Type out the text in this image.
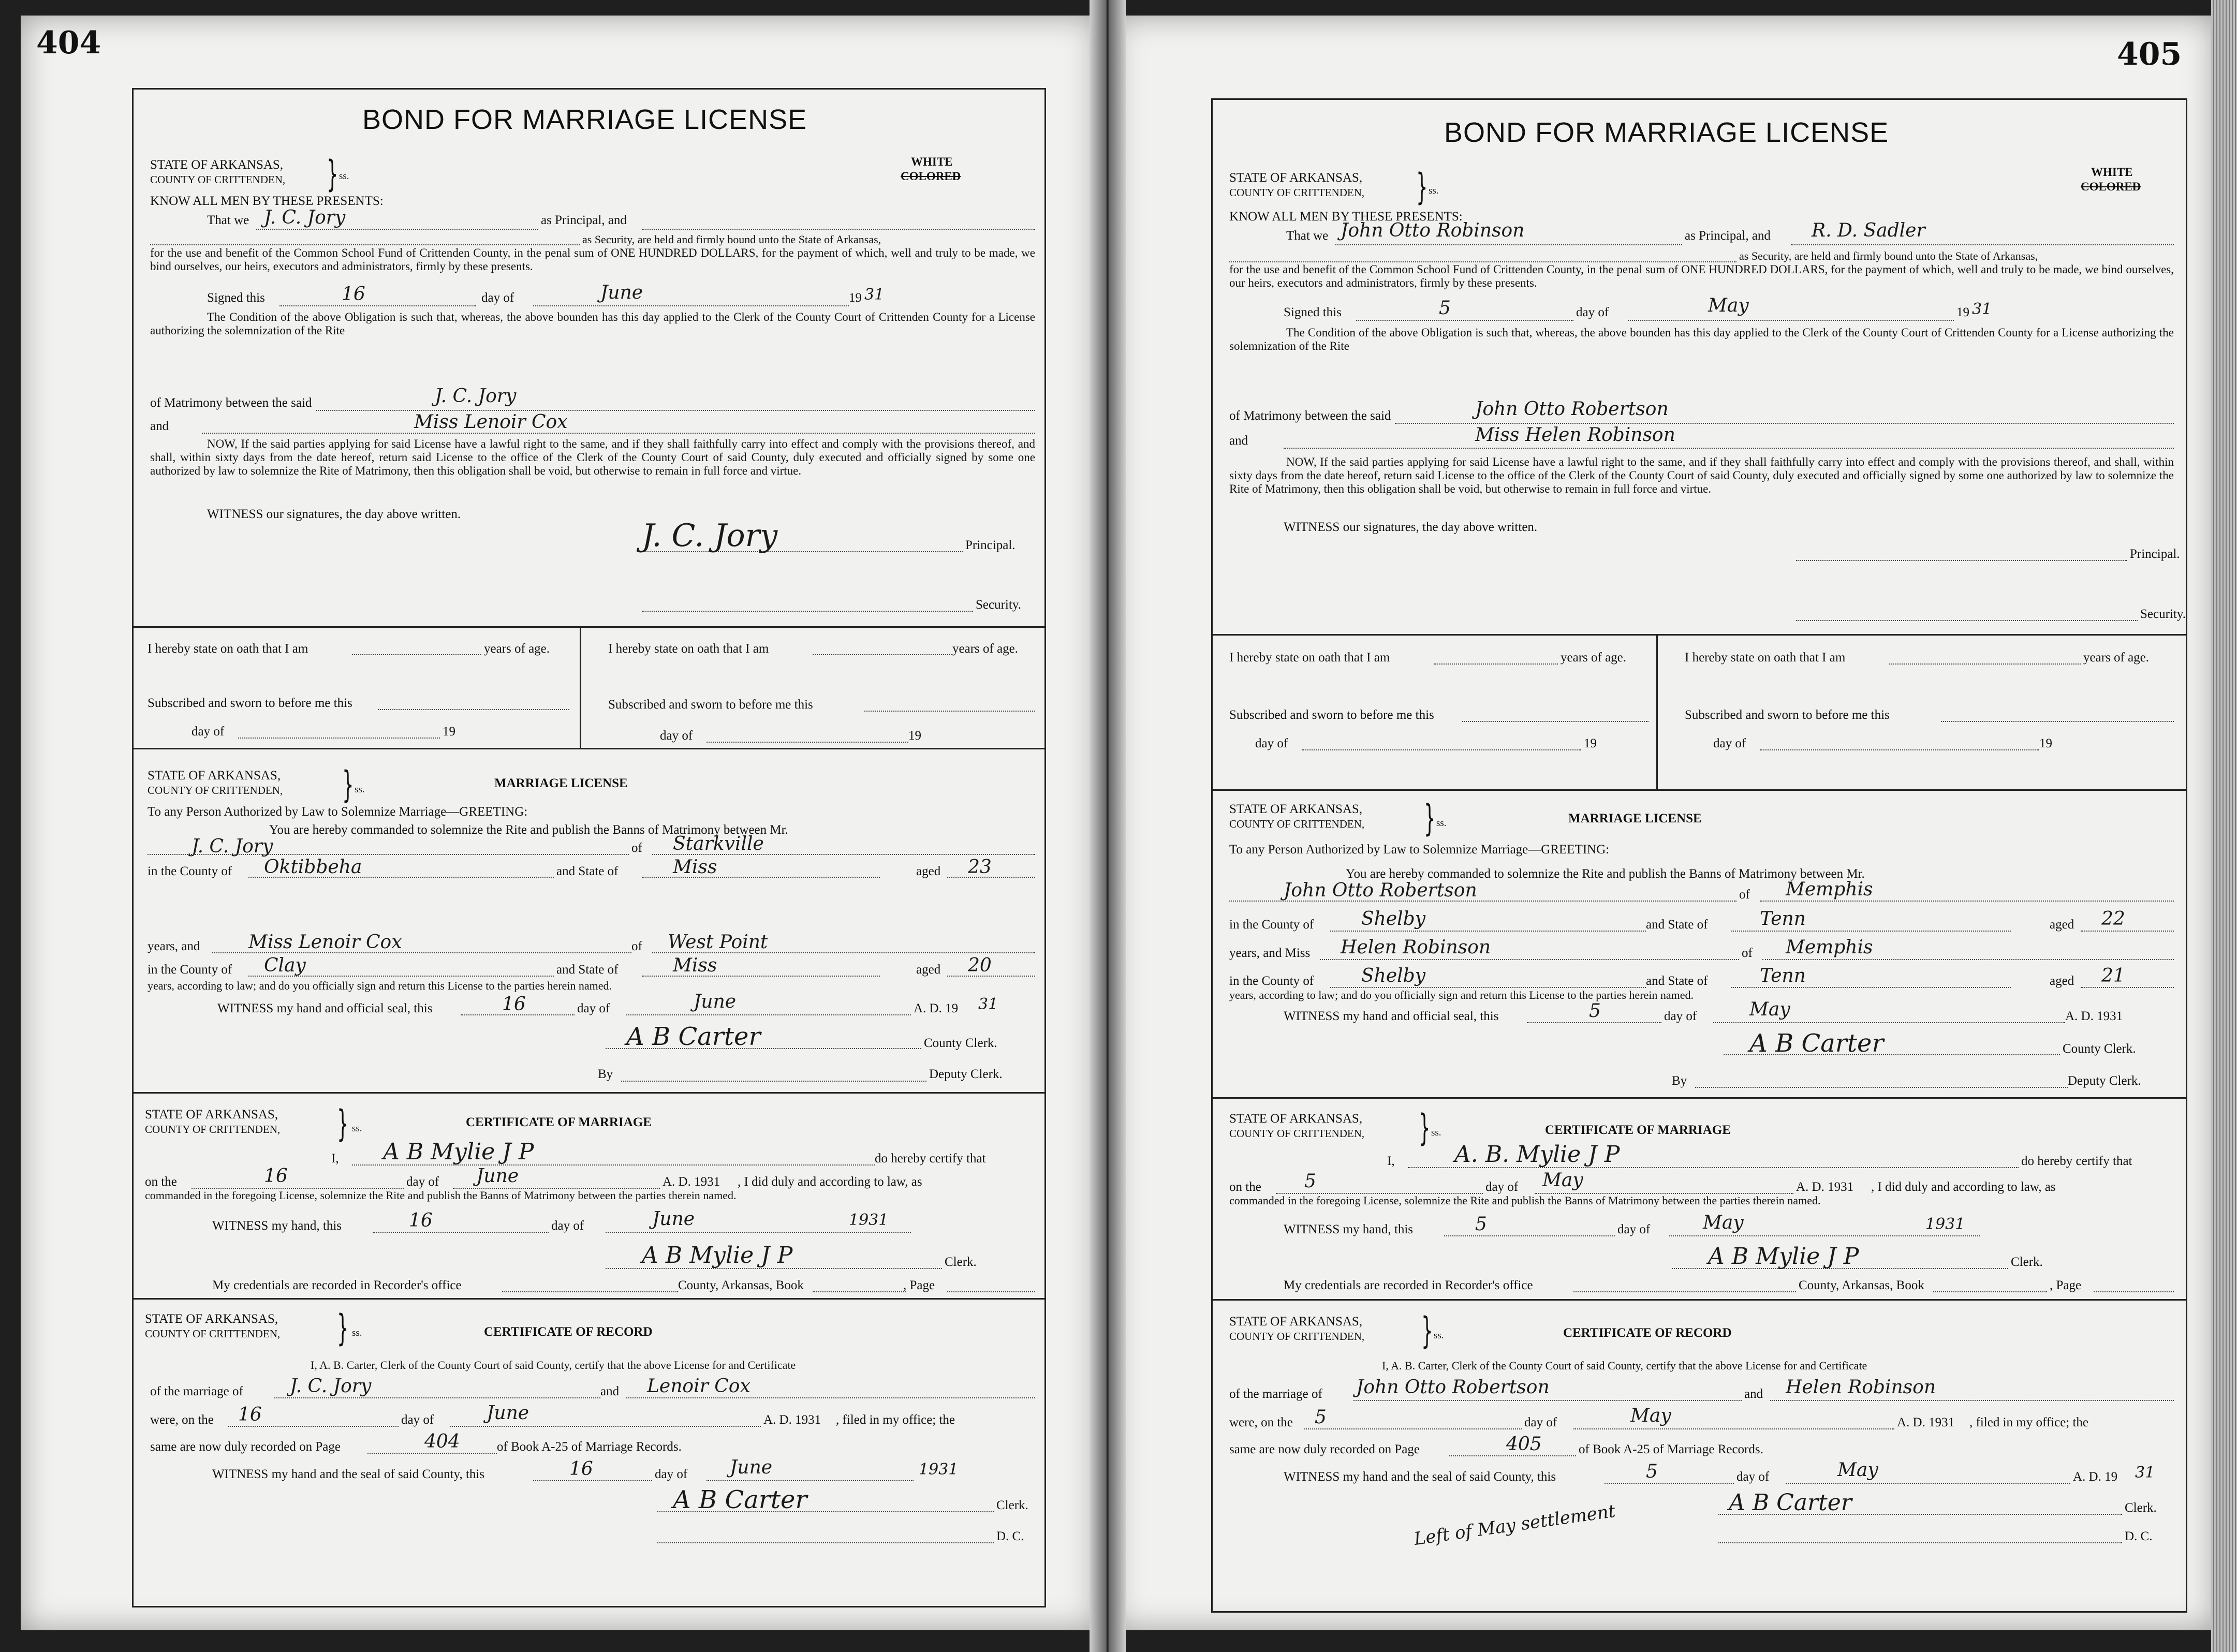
404
BOND FOR MARRIAGE LICENSE
STATE OF ARKANSAS,
COUNTY OF CRITTENDEN, } ss.
WHITE
COLORED
KNOW ALL MEN BY THESE PRESENTS:
That we J. C. Jory	as Principal, and
as Security, are held and firmly bound unto the State of Arkansas,
for the use and benefit of the Common School Fund of Crittenden County, in the penal sum of ONE HUNDRED DOLLARS, for the payment of which, well and truly to be made, we bind ourselves, our heirs, executors and administrators, firmly by these presents.
Signed this	16	day of	June	19 31
The Condition of the above Obligation is such that, whereas, the above bounden has this day applied to the Clerk of the County Court of Crittenden County for a License authorizing the solemnization of the Rite
of Matrimony between the said	J. C. Jory
and	Miss Lenoir Cox
NOW, If the said parties applying for said License have a lawful right to the same, and if they shall faithfully carry into effect and comply with the provisions thereof, and shall, within sixty days from the date hereof, return said License to the office of the Clerk of the County Court of said County, duly executed and officially signed by some one authorized by law to solemnize the Rite of Matrimony, then this obligation shall be void, but otherwise to remain in full force and virtue.
WITNESS our signatures, the day above written.
J. C. Jory	Principal.
Security.
I hereby state on oath that I am	years of age.	I hereby state on oath that I am	years of age.
Subscribed and sworn to before me this	Subscribed and sworn to before me this
day of	19	day of	19
STATE OF ARKANSAS,
COUNTY OF CRITTENDEN, } ss.	MARRIAGE LICENSE
To any Person Authorized by Law to Solemnize Marriage—GREETING:
You are hereby commanded to solemnize the Rite and publish the Banns of Matrimony between Mr.
J. C. Jory	of Starkville
in the County of Oktibbeha	and State of	Miss	aged 23
years, and	Miss Lenoir Cox	of West Point
in the County of Clay	and State of	Miss	aged 20
years, according to law; and do you officially sign and return this License to the parties herein named.
WITNESS my hand and official seal, this	16	day of	June	A. D. 19 31
A B Carter	County Clerk.
By	Deputy Clerk.
STATE OF ARKANSAS,
COUNTY OF CRITTENDEN, } ss.	CERTIFICATE OF MARRIAGE
I, A B Mylie J P	do hereby certify that
on the	16	day of June	A. D. 1931 , I did duly and according to law, as
commanded in the foregoing License, solemnize the Rite and publish the Banns of Matrimony between the parties therein named.
WITNESS my hand, this	16	day of	June	1931
A B Mylie J P	Clerk.
My credentials are recorded in Recorder's office	County, Arkansas, Book	, Page
STATE OF ARKANSAS,
COUNTY OF CRITTENDEN, } ss.	CERTIFICATE OF RECORD
I, A. B. Carter, Clerk of the County Court of said County, certify that the above License for and Certificate
of the marriage of	J. C. Jory	and Lenoir Cox
were, on the 16	day of	June	A. D. 1931 , filed in my office; the
same are now duly recorded on Page	404	of Book A-25 of Marriage Records.
WITNESS my hand and the seal of said County, this	16	day of June	1931
A B Carter	Clerk.
D. C.
405
BOND FOR MARRIAGE LICENSE
STATE OF ARKANSAS,
COUNTY OF CRITTENDEN, } ss.
WHITE
COLORED
KNOW ALL MEN BY THESE PRESENTS:
That we John Otto Robinson	as Principal, and R. D. Sadler
as Security, are held and firmly bound unto the State of Arkansas,
for the use and benefit of the Common School Fund of Crittenden County, in the penal sum of ONE HUNDRED DOLLARS, for the payment of which, well and truly to be made, we bind ourselves, our heirs, executors and administrators, firmly by these presents.
Signed this	5	day of	May	19 31
The Condition of the above Obligation is such that, whereas, the above bounden has this day applied to the Clerk of the County Court of Crittenden County for a License authorizing the solemnization of the Rite
of Matrimony between the said	John Otto Robertson
and	Miss Helen Robinson
NOW, If the said parties applying for said License have a lawful right to the same, and if they shall faithfully carry into effect and comply with the provisions thereof, and shall, within sixty days from the date hereof, return said License to the office of the Clerk of the County Court of said County, duly executed and officially signed by some one authorized by law to solemnize the Rite of Matrimony, then this obligation shall be void, but otherwise to remain in full force and virtue.
WITNESS our signatures, the day above written.
Principal.
Security.
I hereby state on oath that I am	years of age.	I hereby state on oath that I am	years of age.
Subscribed and sworn to before me this	Subscribed and sworn to before me this
day of	19	day of	19
STATE OF ARKANSAS,
COUNTY OF CRITTENDEN, } ss.	MARRIAGE LICENSE
To any Person Authorized by Law to Solemnize Marriage—GREETING:
You are hereby commanded to solemnize the Rite and publish the Banns of Matrimony between Mr.
John Otto Robertson	of Memphis
in the County of	Shelby	and State of	Tenn	aged 22
years, and Miss Helen Robinson	of Memphis
in the County of	Shelby	and State of	Tenn	aged 21
years, according to law; and do you officially sign and return this License to the parties herein named.
WITNESS my hand and official seal, this	5	day of	May	A. D. 1931
A B Carter	County Clerk.
By	Deputy Clerk.
STATE OF ARKANSAS,
COUNTY OF CRITTENDEN, } ss.	CERTIFICATE OF MARRIAGE
I,	A. B. Mylie J P	do hereby certify that
on the 5	day of May	A. D. 1931 , I did duly and according to law, as
commanded in the foregoing License, solemnize the Rite and publish the Banns of Matrimony between the parties therein named.
WITNESS my hand, this	5	day of	May	1931
A B Mylie J P	Clerk.
My credentials are recorded in Recorder's office	County, Arkansas, Book	, Page
STATE OF ARKANSAS,
COUNTY OF CRITTENDEN, } ss.	CERTIFICATE OF RECORD
I, A. B. Carter, Clerk of the County Court of said County, certify that the above License for and Certificate
of the marriage of John Otto Robertson	and Helen Robinson
were, on the 5	day of	May	A. D. 1931 , filed in my office; the
same are now duly recorded on Page	405	of Book A-25 of Marriage Records.
WITNESS my hand and the seal of said County, this	5	day of	May	A. D. 19 31
Left of May settlement	A B Carter	Clerk.
D. C.
